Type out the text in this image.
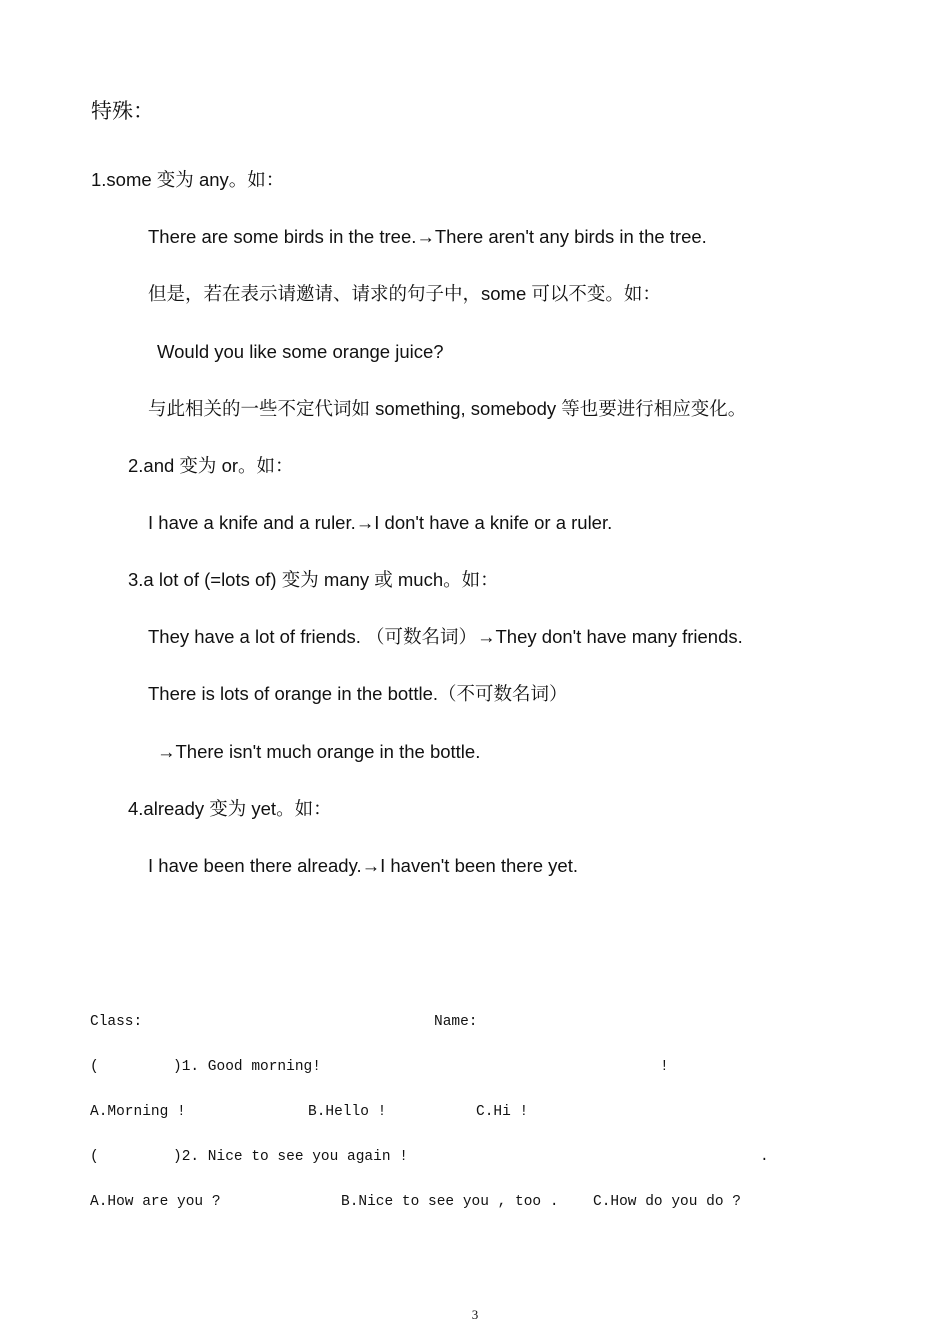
特殊：
1.some 变为 any。如：
There are some birds in the tree.→There aren't any birds in the tree.
但是，若在表示请邀请、请求的句子中，some 可以不变。如：
Would you like some orange juice?
与此相关的一些不定代词如 something, somebody 等也要进行相应变化。
2.and 变为 or。如：
I have a knife and a ruler.→I don't have a knife or a ruler.
3.a lot of (=lots of) 变为 many 或 much。如：
They have a lot of friends. （可数名词）→They don't have many friends.
There is lots of orange in the bottle.（不可数名词）
→There isn't much orange in the bottle.
4.already 变为 yet。如：
I have been there already.→I haven't been there yet.
Class:	Name:
(	)1. Good morning!	!
A.Morning !	B.Hello !	C.Hi !
(	)2. Nice to see you again !	.
A.How are you ?	B.Nice to see you , too . C.How do you do ?
3
